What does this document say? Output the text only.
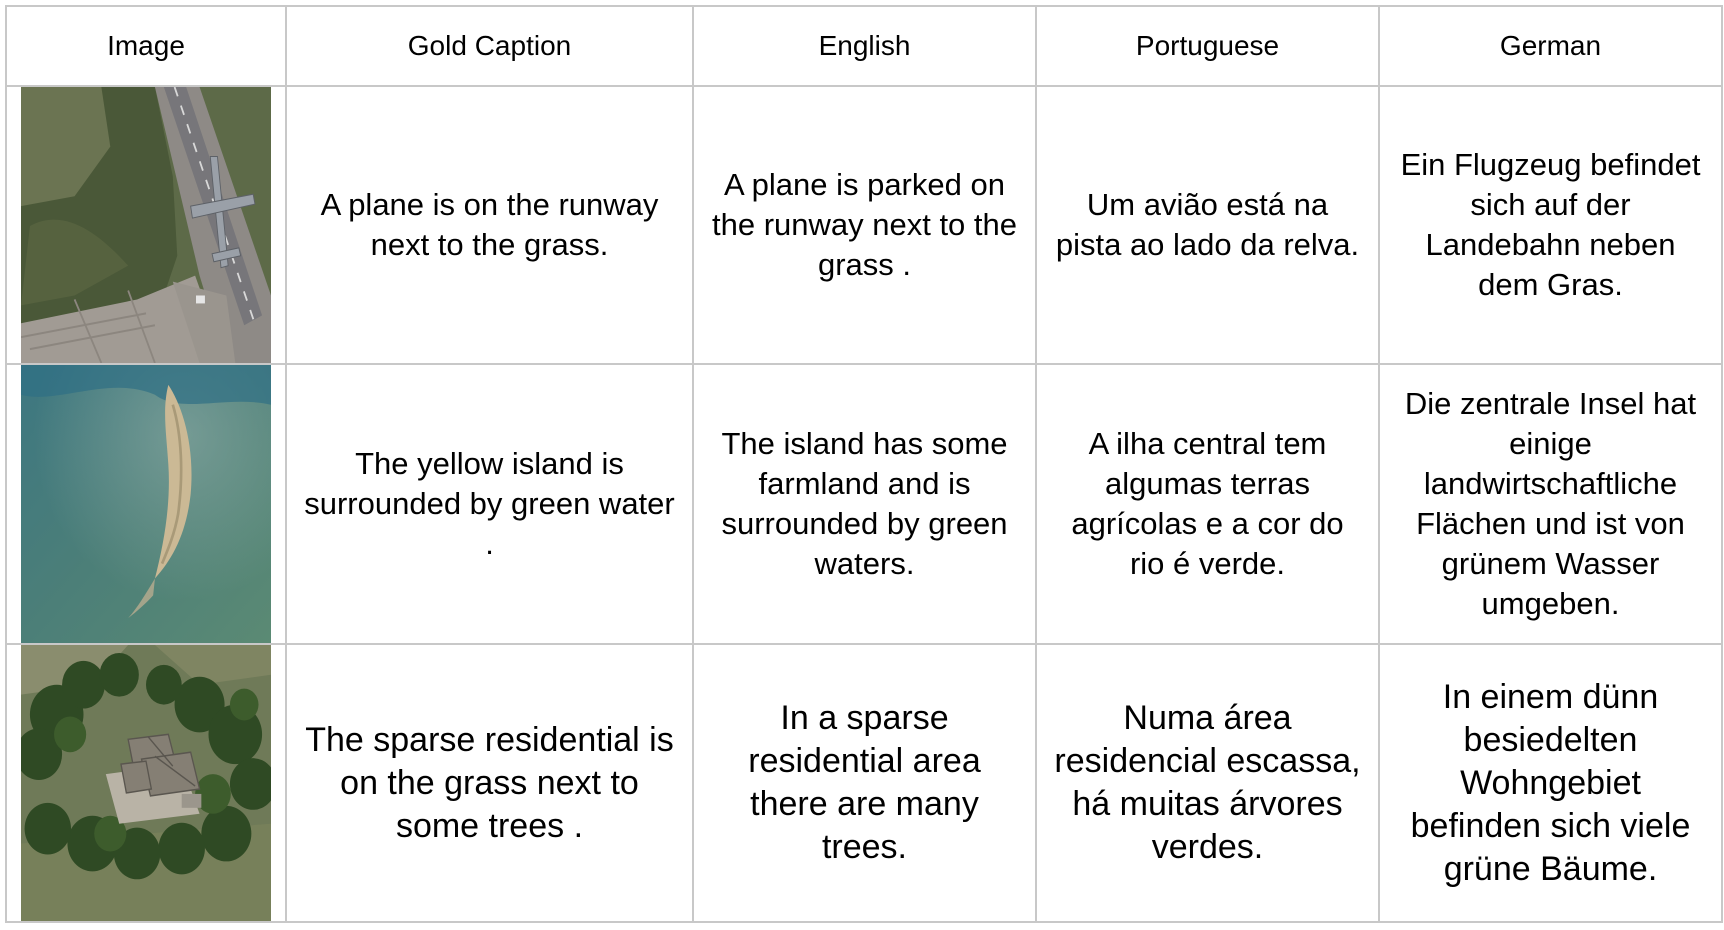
Image	Gold Caption	English	Portuguese	German

	A plane is on the runway next to the grass.	A plane is parked on the runway next to the grass .	Um avião está na pista ao lado da relva.	Ein Flugzeug befindet sich auf der Landebahn neben dem Gras.

	The yellow island is surrounded by green water .	The island has some farmland and is surrounded by green waters.	A ilha central tem algumas terras agrícolas e a cor do rio é verde.	Die zentrale Insel hat einige landwirtschaftliche Flächen und ist von grünem Wasser umgeben.

	The sparse residential is on the grass next to some trees .	In a sparse residential area there are many trees.	Numa área residencial escassa, há muitas árvores verdes.	In einem dünn besiedelten Wohngebiet befinden sich viele grüne Bäume.
